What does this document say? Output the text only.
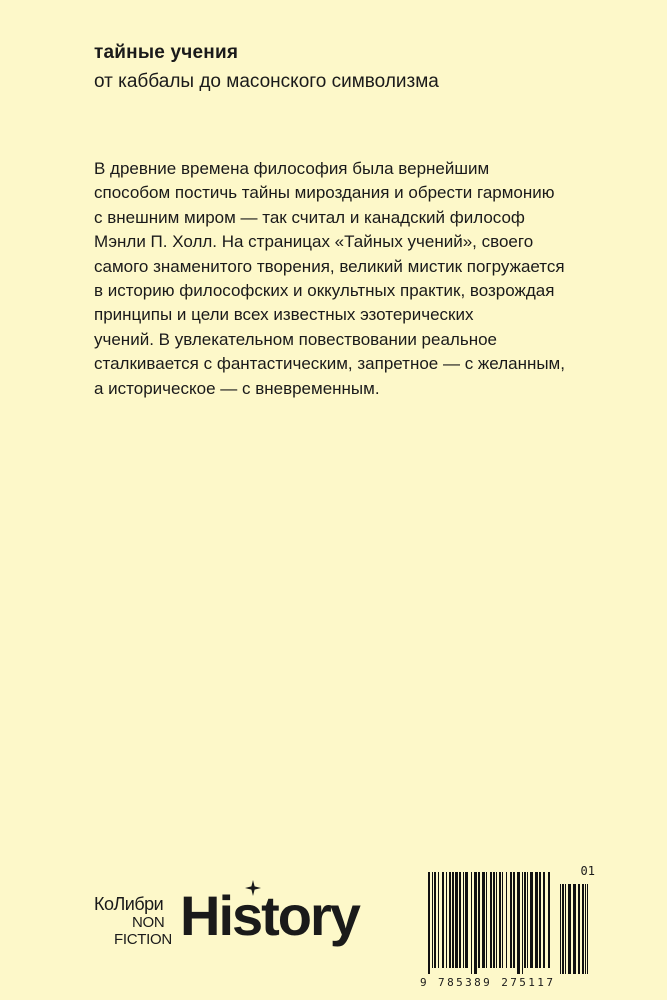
тайные учения
от каббалы до масонского символизма
В древние времена философия была вернейшим
способом постичь тайны мироздания и обрести гармонию
с внешним миром — так считал и канадский философ
Мэнли П. Холл. На страницах «Тайных учений», своего
самого знаменитого творения, великий мистик погружается
в историю философских и оккультных практик, возрождая
принципы и цели всех известных эзотерических
учений. В увлекательном повествовании реальное
сталкивается с фантастическим, запретное — с желанным,
а историческое — с вневременным.
КоЛибри
NON
FICTION History
01
9 785389 275117
